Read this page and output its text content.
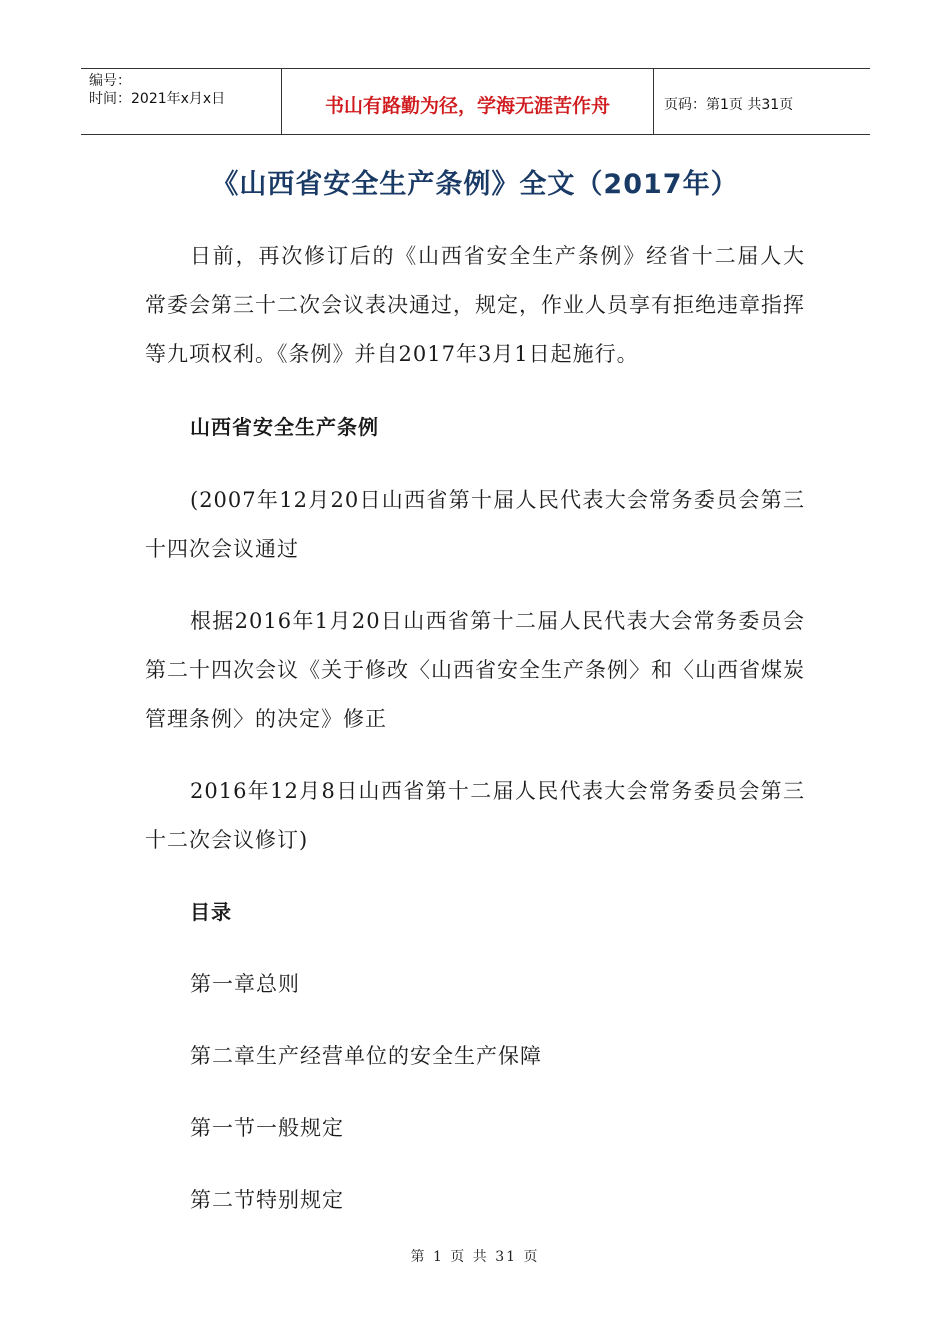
编号：
时间：2021年x月x日	书山有路勤为径，学海无涯苦作舟	页码：第1页 共31页
《山西省安全生产条例》全文（2017年）

日前，再次修订后的《山西省安全生产条例》经省十二届人大常委会第三十二次会议表决通过，规定，作业人员享有拒绝违章指挥等九项权利。《条例》并自2017年3月1日起施行。

山西省安全生产条例

(2007年12月20日山西省第十届人民代表大会常务委员会第三十四次会议通过

根据2016年1月20日山西省第十二届人民代表大会常务委员会第二十四次会议《关于修改〈山西省安全生产条例〉和〈山西省煤炭管理条例〉的决定》修正

2016年12月8日山西省第十二届人民代表大会常务委员会第三十二次会议修订)

目录

第一章总则

第二章生产经营单位的安全生产保障

第一节一般规定

第二节特别规定

第 1 页 共 31 页
